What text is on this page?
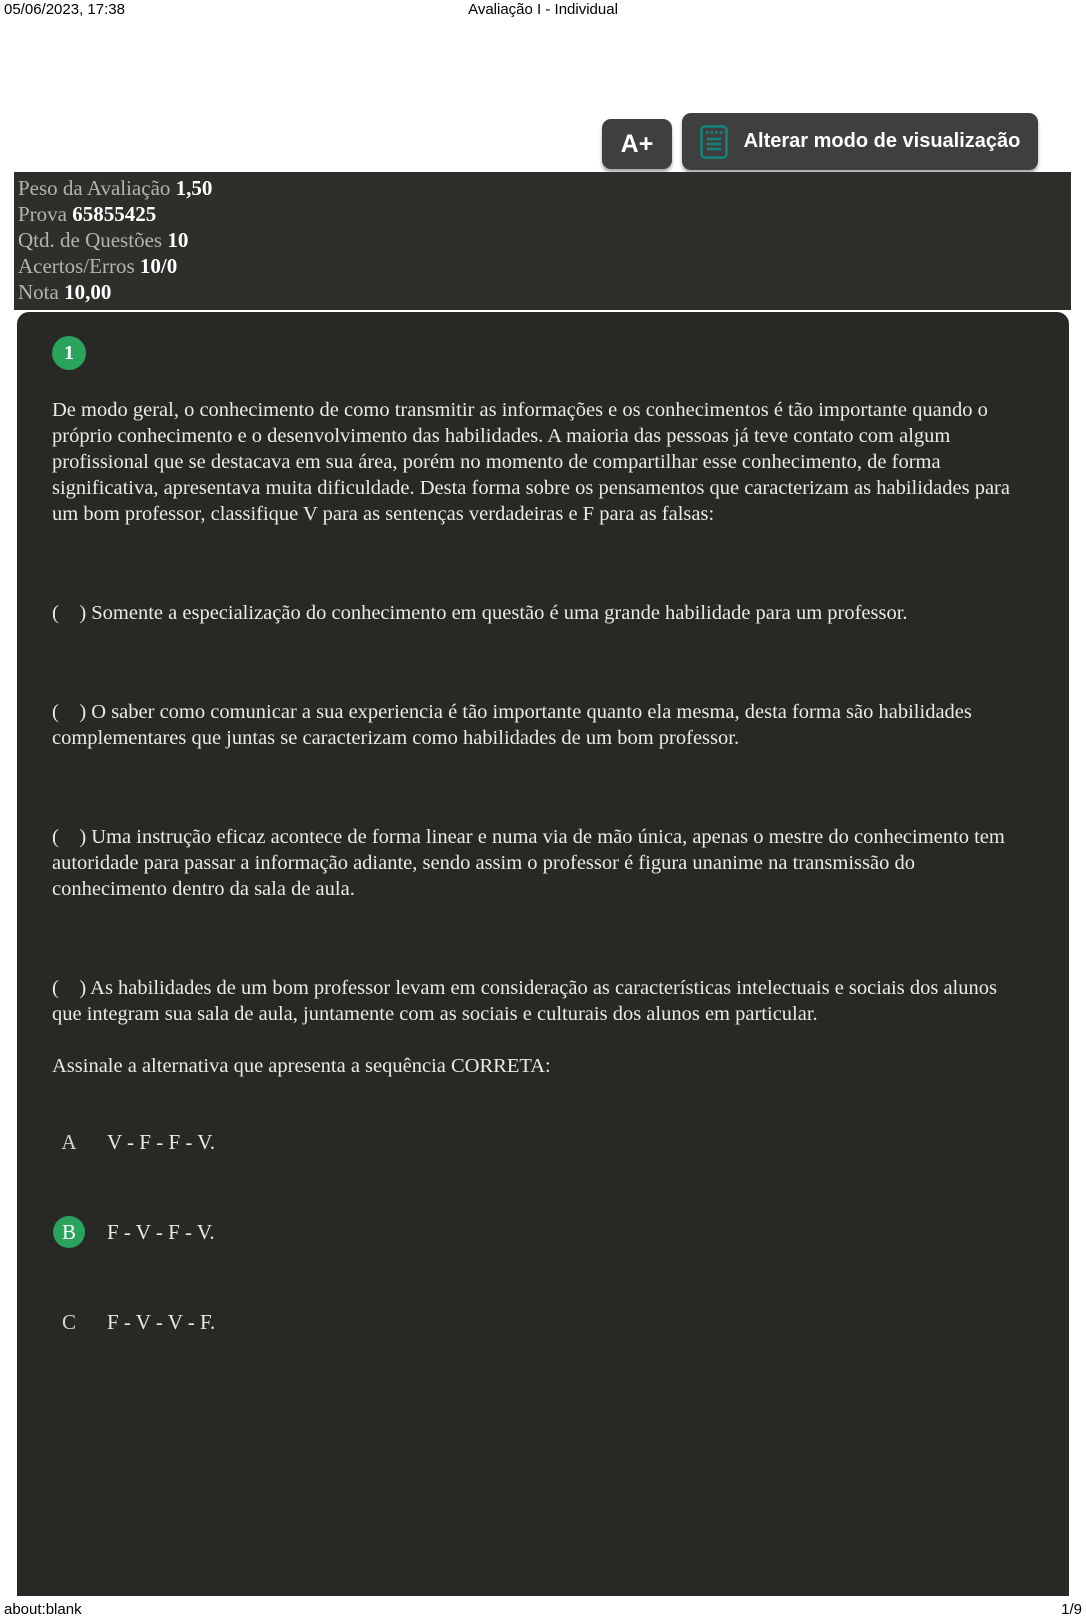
05/06/2023, 17:38	Avaliação I - Individual
A+	Alterar modo de visualização
Peso da Avaliação 1,50
Prova 65855425
Qtd. de Questões 10
Acertos/Erros 10/0
Nota 10,00
1

De modo geral, o conhecimento de como transmitir as informações e os conhecimentos é tão importante quando o próprio conhecimento e o desenvolvimento das habilidades. A maioria das pessoas já teve contato com algum profissional que se destacava em sua área, porém no momento de compartilhar esse conhecimento, de forma significativa, apresentava muita dificuldade. Desta forma sobre os pensamentos que caracterizam as habilidades para um bom professor, classifique V para as sentenças verdadeiras e F para as falsas:

(    ) Somente a especialização do conhecimento em questão é uma grande habilidade para um professor.

(    ) O saber como comunicar a sua experiencia é tão importante quanto ela mesma, desta forma são habilidades complementares que juntas se caracterizam como habilidades de um bom professor.

(    ) Uma instrução eficaz acontece de forma linear e numa via de mão única, apenas o mestre do conhecimento tem autoridade para passar a informação adiante, sendo assim o professor é figura unanime na transmissão do conhecimento dentro da sala de aula.

(    ) As habilidades de um bom professor levam em consideração as características intelectuais e sociais dos alunos que integram sua sala de aula, juntamente com as sociais e culturais dos alunos em particular.

Assinale a alternativa que apresenta a sequência CORRETA:

A	V - F - F - V.
B	F - V - F - V.
C	F - V - V - F.
about:blank	1/9
